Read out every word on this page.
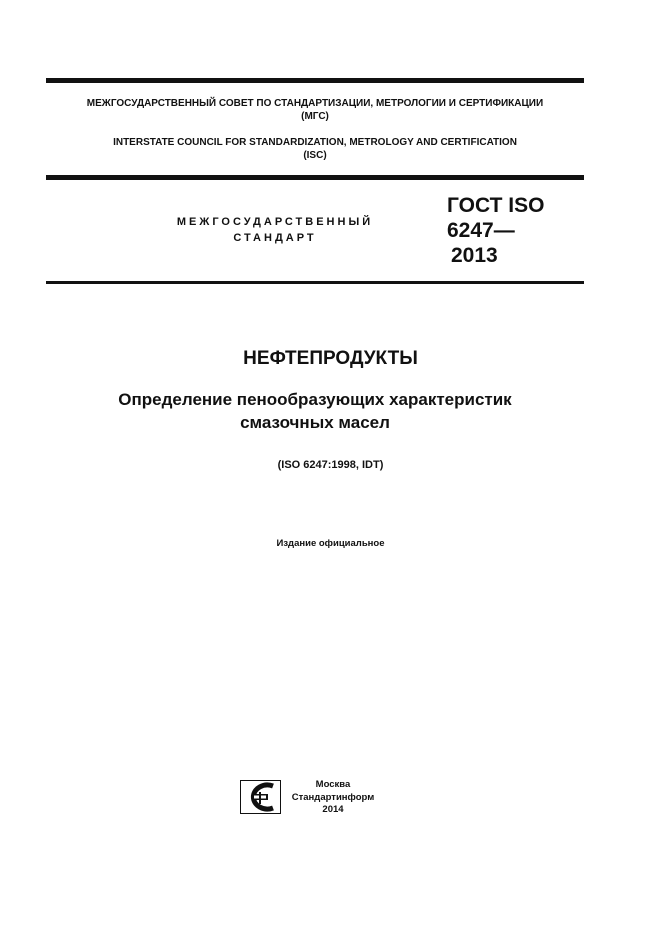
МЕЖГОСУДАРСТВЕННЫЙ СОВЕТ ПО СТАНДАРТИЗАЦИИ, МЕТРОЛОГИИ И СЕРТИФИКАЦИИ
(МГС)
INTERSTATE COUNCIL FOR STANDARDIZATION, METROLOGY AND CERTIFICATION
(ISC)
МЕЖГОСУДАРСТВЕННЫЙ
СТАНДАРТ
ГОСТ ISO
6247—
2013
НЕФТЕПРОДУКТЫ
Определение пенообразующих характеристик
смазочных масел
(ISO 6247:1998, IDT)
Издание официальное
Москва
Стандартинформ
2014
